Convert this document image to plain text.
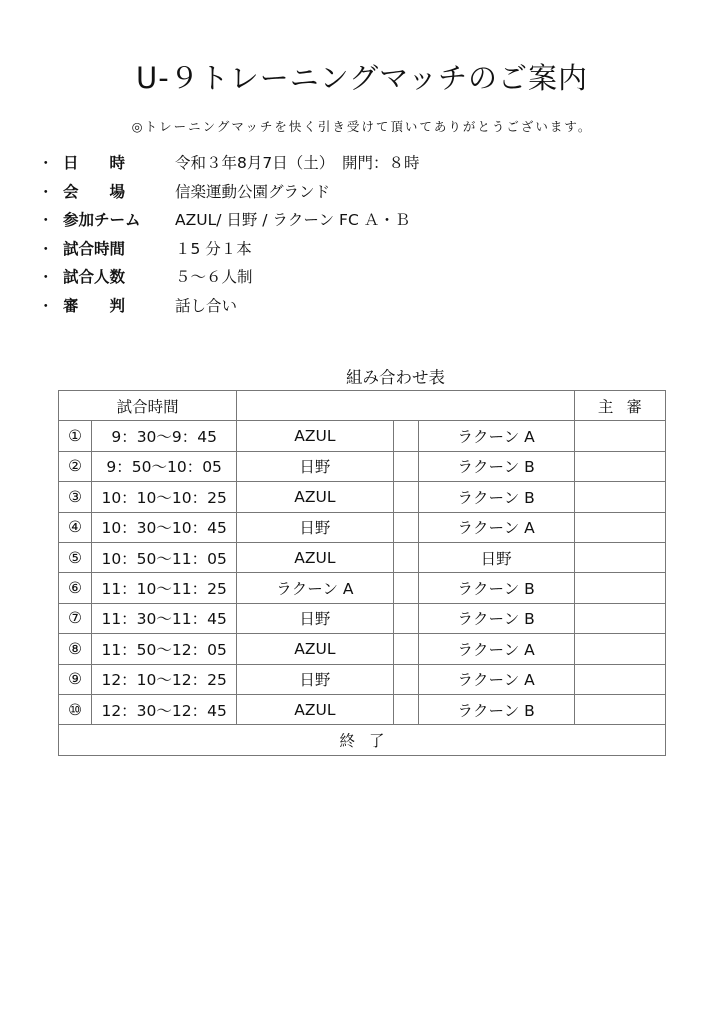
U-９トレーニングマッチのご案内
◎トレーニングマッチを快く引き受けて頂いてありがとうございます。
・ 日　　時	令和３年8月7日（土）　開門：８時
・ 会　　場	信楽運動公園グランド
・ 参加チーム AZUL/ 日野 / ラクーン FC Ａ・Ｂ
・ 試合時間	１5 分１本
・ 試合人数	５～６人制
・ 審　　判	話し合い
組み合わせ表
試合時間					主審
①	9：30～9：45	AZUL		ラクーン A	
②	9：50～10：05	日野		ラクーン B	
③	10：10～10：25	AZUL		ラクーン B	
④	10：30～10：45	日野		ラクーン A	
⑤	10：50～11：05	AZUL		日野	
⑥	11：10～11：25	ラクーン A		ラクーン B	
⑦	11：30～11：45	日野		ラクーン B	
⑧	11：50～12：05	AZUL		ラクーン A	
⑨	12：10～12：25	日野		ラクーン A	
⑩	12：30～12：45	AZUL		ラクーン B	
終了					
